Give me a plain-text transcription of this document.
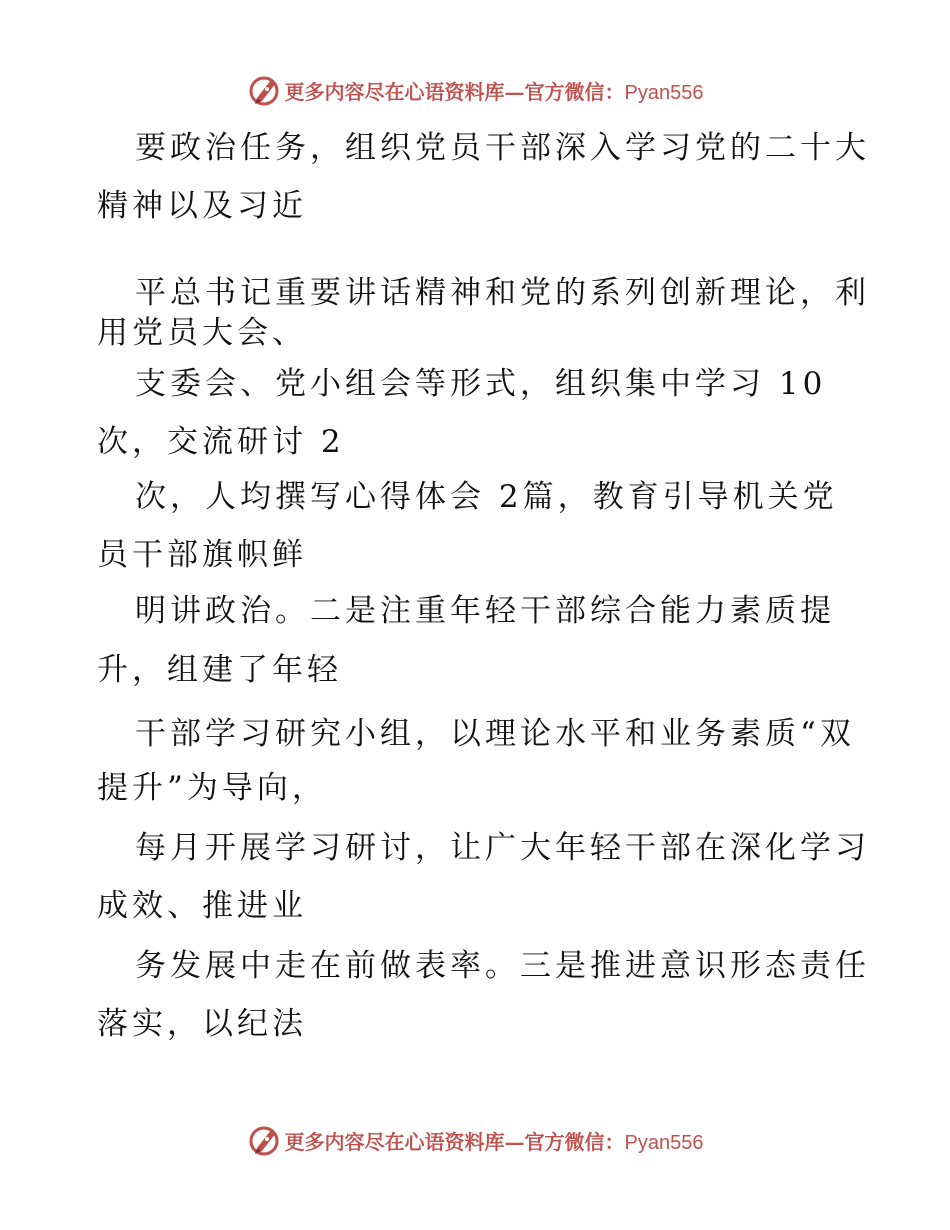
更多内容尽在心语资料库—官方微信：Pyan556
要政治任务，组织党员干部深入学习党的二十大
精神以及习近
平总书记重要讲话精神和党的系列创新理论，利
用党员大会、
支委会、党小组会等形式，组织集中学习 10
次，交流研讨 2
次，人均撰写心得体会 2篇，教育引导机关党
员干部旗帜鲜
明讲政治。二是注重年轻干部综合能力素质提
升，组建了年轻
干部学习研究小组，以理论水平和业务素质“双
提升”为导向，
每月开展学习研讨，让广大年轻干部在深化学习
成效、推进业
务发展中走在前做表率。三是推进意识形态责任
落实，以纪法
更多内容尽在心语资料库—官方微信：Pyan556
